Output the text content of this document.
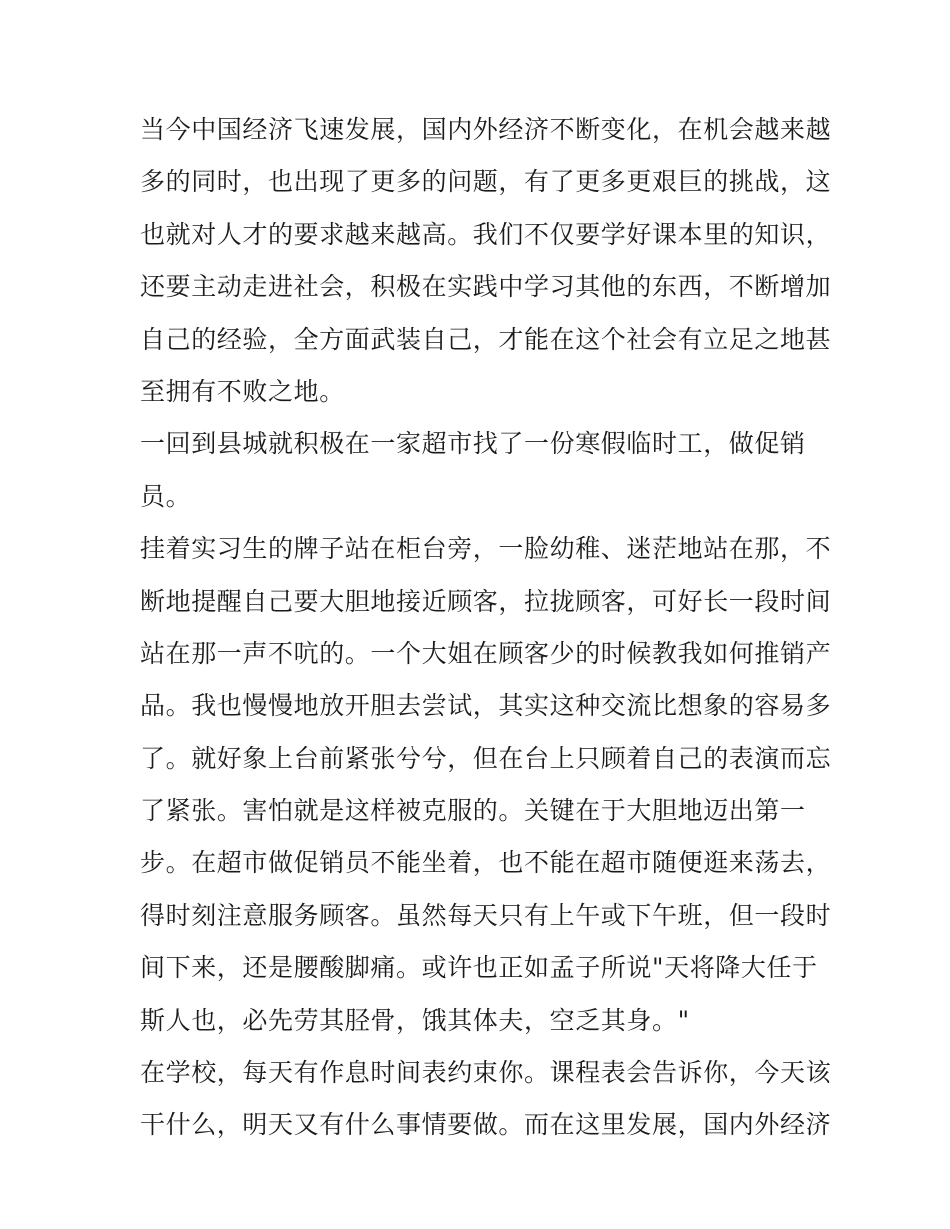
当今中国经济飞速发展，国内外经济不断变化，在机会越来越
多的同时，也出现了更多的问题，有了更多更艰巨的挑战，这
也就对人才的要求越来越高。我们不仅要学好课本里的知识，
还要主动走进社会，积极在实践中学习其他的东西，不断增加
自己的经验，全方面武装自己，才能在这个社会有立足之地甚
至拥有不败之地。
一回到县城就积极在一家超市找了一份寒假临时工，做促销
员。
挂着实习生的牌子站在柜台旁，一脸幼稚、迷茫地站在那，不
断地提醒自己要大胆地接近顾客，拉拢顾客，可好长一段时间
站在那一声不吭的。一个大姐在顾客少的时候教我如何推销产
品。我也慢慢地放开胆去尝试，其实这种交流比想象的容易多
了。就好象上台前紧张兮兮，但在台上只顾着自己的表演而忘
了紧张。害怕就是这样被克服的。关键在于大胆地迈出第一
步。在超市做促销员不能坐着，也不能在超市随便逛来荡去，
得时刻注意服务顾客。虽然每天只有上午或下午班，但一段时
间下来，还是腰酸脚痛。或许也正如孟子所说"天将降大任于
斯人也，必先劳其胫骨，饿其体夫，空乏其身。"
在学校，每天有作息时间表约束你。课程表会告诉你，今天该
干什么，明天又有什么事情要做。而在这里发展，国内外经济
